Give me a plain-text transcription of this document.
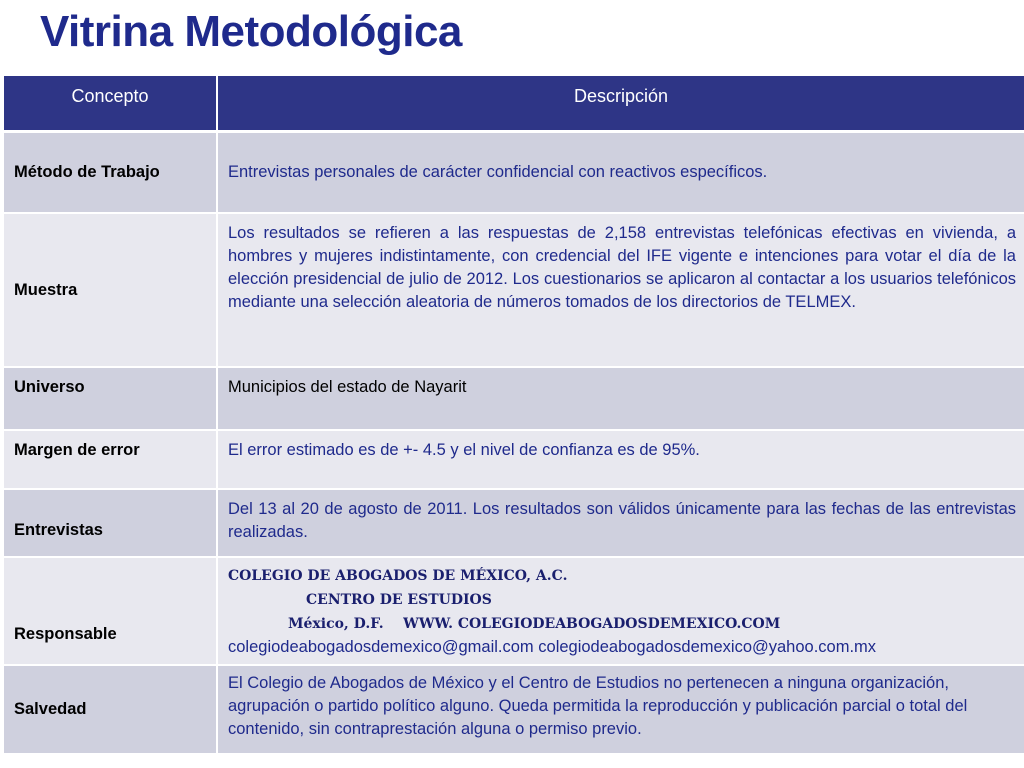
Vitrina Metodológica
Concepto	Descripción
Método de Trabajo	Entrevistas personales de carácter confidencial con reactivos específicos.
Muestra	Los resultados se refieren a las respuestas de 2,158 entrevistas telefónicas efectivas en vivienda, a hombres y mujeres indistintamente, con credencial del IFE vigente e intenciones para votar el día de la elección presidencial de julio de 2012. Los cuestionarios se aplicaron al contactar a los usuarios telefónicos mediante una selección aleatoria de números tomados de los directorios de TELMEX.
Universo	Municipios del estado de Nayarit
Margen de error	El error estimado es de +- 4.5 y el nivel de confianza es de 95%.
Entrevistas	Del 13 al 20 de agosto de 2011. Los resultados son válidos únicamente para las fechas de las entrevistas realizadas.
Responsable	COLEGIO DE ABOGADOS DE MÉXICO, A.C.
CENTRO DE ESTUDIOS
México, D.F.    WWW. COLEGIODEABOGADOSDEMEXICO.COM
colegiodeabogadosdemexico@gmail.com colegiodeabogadosdemexico@yahoo.com.mx

Salvedad	El Colegio de Abogados de México y el Centro de Estudios no pertenecen a ninguna organización, agrupación o partido político alguno. Queda permitida la reproducción y publicación parcial o total del contenido, sin contraprestación alguna o permiso previo.
